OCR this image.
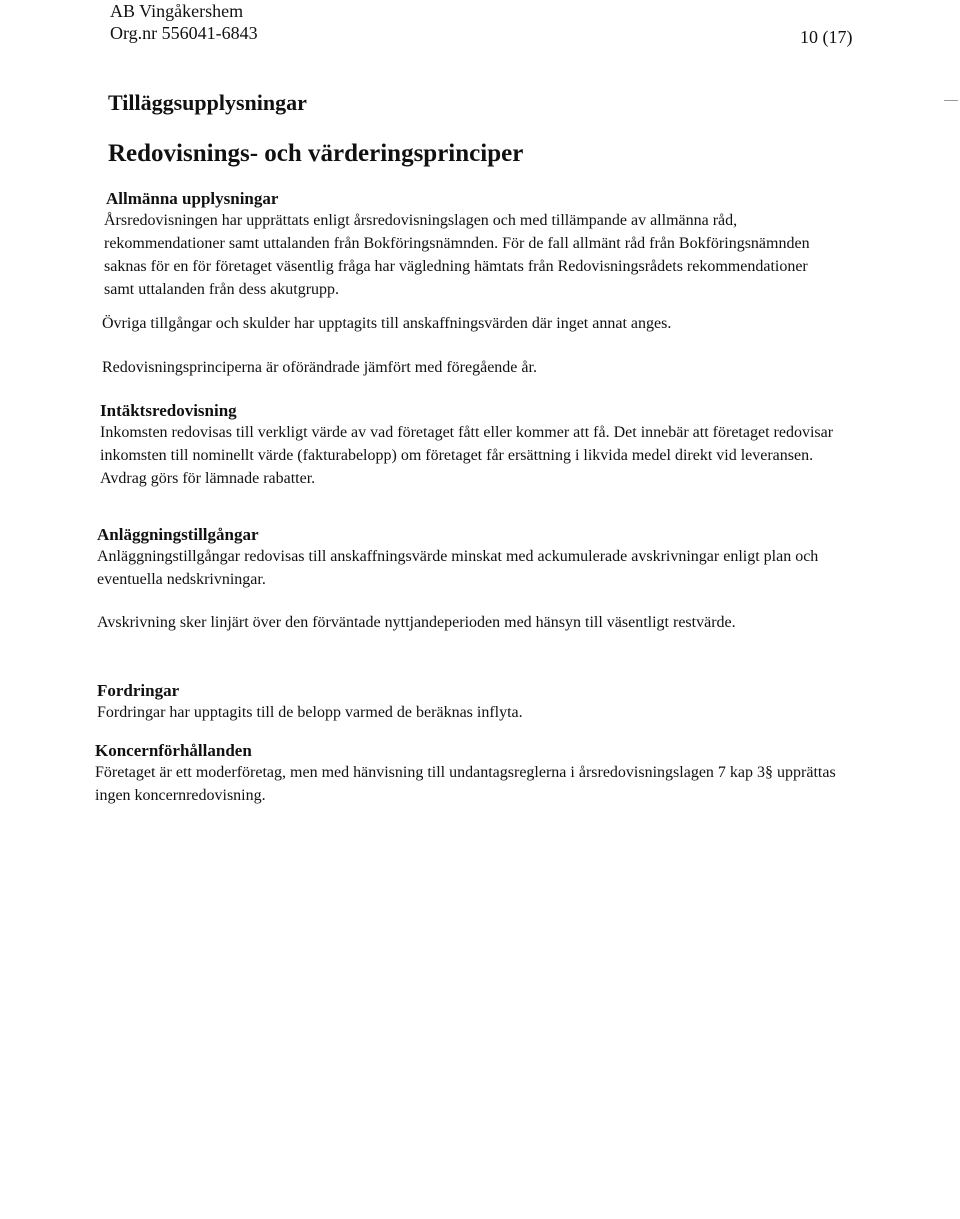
AB Vingåkershem
Org.nr 556041-6843	10 (17)
Tilläggsupplysningar
Redovisnings- och värderingsprinciper
Allmänna upplysningar

Årsredovisningen har upprättats enligt årsredovisningslagen och med tillämpande av allmänna råd, rekommendationer samt uttalanden från Bokföringsnämnden. För de fall allmänt råd från Bokföringsnämnden saknas för en för företaget väsentlig fråga har vägledning hämtats från Redovisningsrådets rekommendationer samt uttalanden från dess akutgrupp.

Övriga tillgångar och skulder har upptagits till anskaffningsvärden där inget annat anges.
Redovisningsprinciperna är oförändrade jämfört med föregående år.
Intäktsredovisning

Inkomsten redovisas till verkligt värde av vad företaget fått eller kommer att få. Det innebär att företaget redovisar inkomsten till nominellt värde (fakturabelopp) om företaget får ersättning i likvida medel direkt vid leveransen. Avdrag görs för lämnade rabatter.

Anläggningstillgångar

Anläggningstillgångar redovisas till anskaffningsvärde minskat med ackumulerade avskrivningar enligt plan och eventuella nedskrivningar.

Avskrivning sker linjärt över den förväntade nyttjandeperioden med hänsyn till väsentligt restvärde.
Fordringar

Fordringar har upptagits till de belopp varmed de beräknas inflyta.

Koncernförhållanden

Företaget är ett moderföretag, men med hänvisning till undantagsreglerna i årsredovisningslagen 7 kap 3§ upprättas ingen koncernredovisning.
